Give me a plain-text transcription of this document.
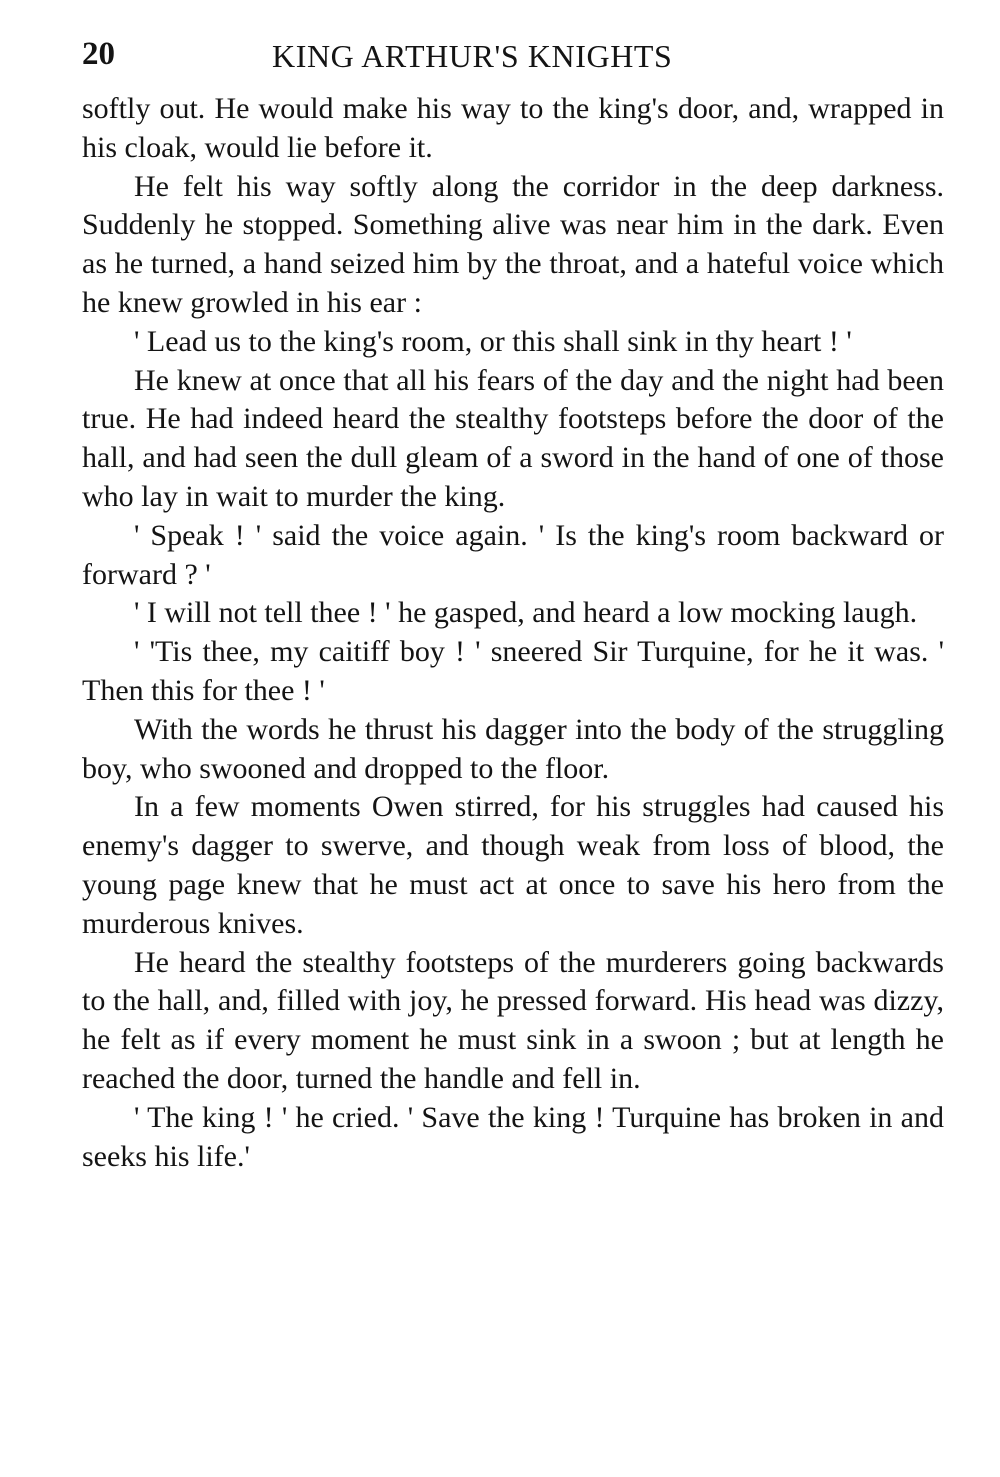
20	KING ARTHUR'S KNIGHTS

softly out. He would make his way to the king's door, and, wrapped in his cloak, would lie before it.

He felt his way softly along the corridor in the deep darkness. Suddenly he stopped. Something alive was near him in the dark. Even as he turned, a hand seized him by the throat, and a hateful voice which he knew growled in his ear :

' Lead us to the king's room, or this shall sink in thy heart ! '

He knew at once that all his fears of the day and the night had been true. He had indeed heard the stealthy footsteps before the door of the hall, and had seen the dull gleam of a sword in the hand of one of those who lay in wait to murder the king.

' Speak ! ' said the voice again. ' Is the king's room backward or forward ? '

' I will not tell thee ! ' he gasped, and heard a low mocking laugh.

' 'Tis thee, my caitiff boy ! ' sneered Sir Turquine, for he it was. ' Then this for thee ! '

With the words he thrust his dagger into the body of the struggling boy, who swooned and dropped to the floor.

In a few moments Owen stirred, for his struggles had caused his enemy's dagger to swerve, and though weak from loss of blood, the young page knew that he must act at once to save his hero from the murderous knives.

He heard the stealthy footsteps of the murderers going backwards to the hall, and, filled with joy, he pressed forward. His head was dizzy, he felt as if every moment he must sink in a swoon ; but at length he reached the door, turned the handle and fell in.

' The king ! ' he cried. ' Save the king ! Turquine has broken in and seeks his life.'
